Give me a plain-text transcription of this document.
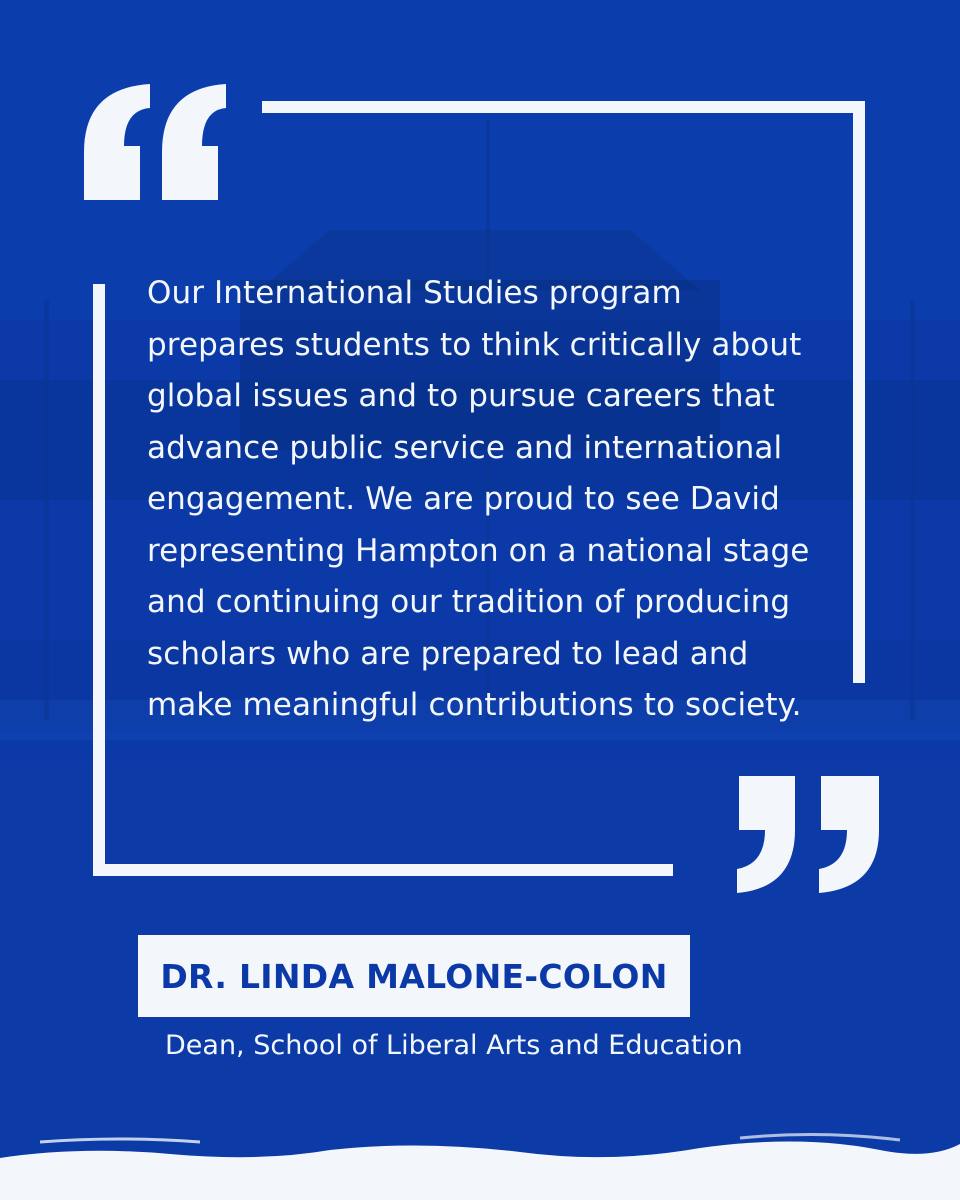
Our International Studies program prepares students to think critically about global issues and to pursue careers that advance public service and international engagement. We are proud to see David representing Hampton on a national stage and continuing our tradition of producing scholars who are prepared to lead and make meaningful contributions to society.
DR. LINDA MALONE-COLON
Dean, School of Liberal Arts and Education
